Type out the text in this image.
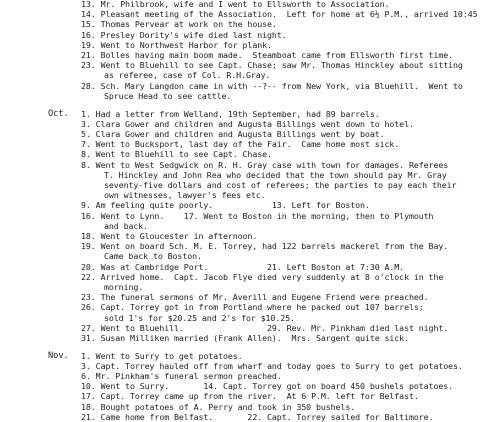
13. Mr. Philbrook, wife and I went to Ellsworth to Association.
14. Pleasant meeting of the Association.  Left for home at 6½ P.M., arrived 10:45
15. Thomas Pervear at work on the house.
16. Presley Dority's wife died last night.
19. Went to Northwest Harbor for plank.
21. Bolles having main boom made.  Steamboat came from Ellsworth first time.
23. Went to Bluehill to see Capt. Chase; saw Mr. Thomas Hinckley about sitting
as referee, case of Col. R.H.Gray.
28. Sch. Mary Langdon came in with --?-- from New York, via Bluehill.  Went to
Spruce Head to see cattle.
Oct. 1. Had a letter from Welland, 19th September, had 89 barrels.
3. Clara Gower and children and Augusta Billings went down to hotel.
5. Clara Gower and children and Augusta Billings went by boat.
7. Went to Bucksport, last day of the Fair.  Came home most sick.
8. Went to Bluehill to see Capt. Chase.
8. Went to West Sedgwick on R. H. Gray case with town for damages. Referees
T. Hinckley and John Rea who decided that the town should pay Mr. Gray
seventy-five dollars and cost of referees; the parties to pay each their
own witnesses, lawyer's fees etc.
9. Am feeling quite poorly.            13. Left for Boston.
16. Went to Lynn.    17. Went to Boston in the morning, then to Plymouth
and back.
18. Went to Gloucester in afternoon.
19. Went on board Sch. M. E. Torrey, had 122 barrels mackerel from the Bay.
Came back to Boston.
20. Was at Cambridge Port.            21. Left Boston at 7:30 A.M.
22. Arrived home.  Capt. Jacob Flye died very suddenly at 8 o'clock in the
morning.
23. The funeral sermons of Mr. Averill and Eugene Friend were preached.
26. Capt. Torrey got in from Portland where he packed out 107 barrels;
sold 1's for $20.25 and 2's for $10.25.
27. Went to Bluehill.                 29. Rev. Mr. Pinkham died last night.
31. Susan Milliken married (Frank Allen).  Mrs. Sargent quite sick.
Nov. 1. Went to Surry to get potatoes.
3. Capt. Torrey hauled off from wharf and today goes to Surry to get potatoes.
6. Mr. Pinkham's funeral sermon preached.
10. Went to Surry.       14. Capt. Torrey got on board 450 bushels potatoes.
17. Capt. Torrey came up from the river.  At 6 P.M. left for Belfast.
18. Bought potatoes of A. Perry and took in 350 bushels.
21. Came home from Belfast.       22. Capt. Torrey sailed for Baltimore.
